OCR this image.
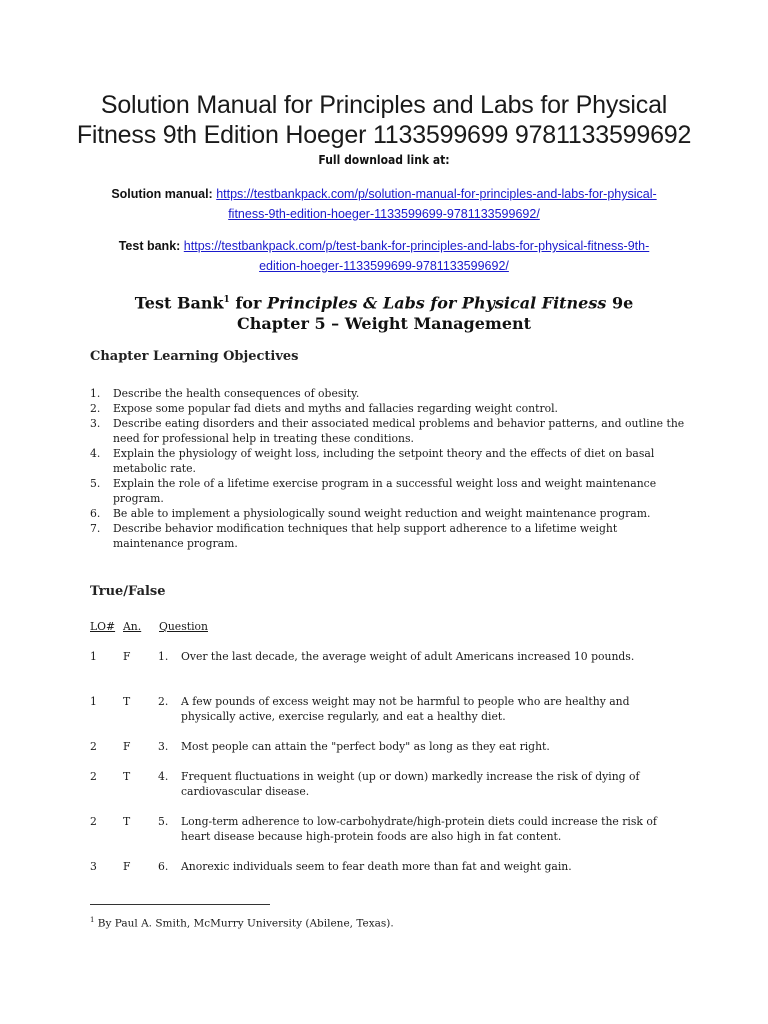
Solution Manual for Principles and Labs for Physical
Fitness 9th Edition Hoeger 1133599699 9781133599692
Full download link at:
Solution manual: https://testbankpack.com/p/solution-manual-for-principles-and-labs-for-physical-
fitness-9th-edition-hoeger-1133599699-9781133599692/
Test bank: https://testbankpack.com/p/test-bank-for-principles-and-labs-for-physical-fitness-9th-
edition-hoeger-1133599699-9781133599692/
Test Bank$^1$ for Principles & Labs for Physical Fitness 9e
Chapter 5 – Weight Management
Chapter Learning Objectives
1. Describe the health consequences of obesity.
2. Expose some popular fad diets and myths and fallacies regarding weight control.
3. Describe eating disorders and their associated medical problems and behavior patterns, and outline the need for professional help in treating these conditions.
4. Explain the physiology of weight loss, including the setpoint theory and the effects of diet on basal metabolic rate.
5. Explain the role of a lifetime exercise program in a successful weight loss and weight maintenance program.
6. Be able to implement a physiologically sound weight reduction and weight maintenance program.
7. Describe behavior modification techniques that help support adherence to a lifetime weight maintenance program.
True/False
LO# An. Question
1 F	1. Over the last decade, the average weight of adult Americans increased 10 pounds.
1 T	2. A few pounds of excess weight may not be harmful to people who are healthy and physically active, exercise regularly, and eat a healthy diet.
2 F	3. Most people can attain the "perfect body" as long as they eat right.
2 T	4. Frequent fluctuations in weight (up or down) markedly increase the risk of dying of cardiovascular disease.
2 T	5. Long-term adherence to low-carbohydrate/high-protein diets could increase the risk of heart disease because high-protein foods are also high in fat content.
3 F	6. Anorexic individuals seem to fear death more than fat and weight gain.
$^1$ By Paul A. Smith, McMurry University (Abilene, Texas).
